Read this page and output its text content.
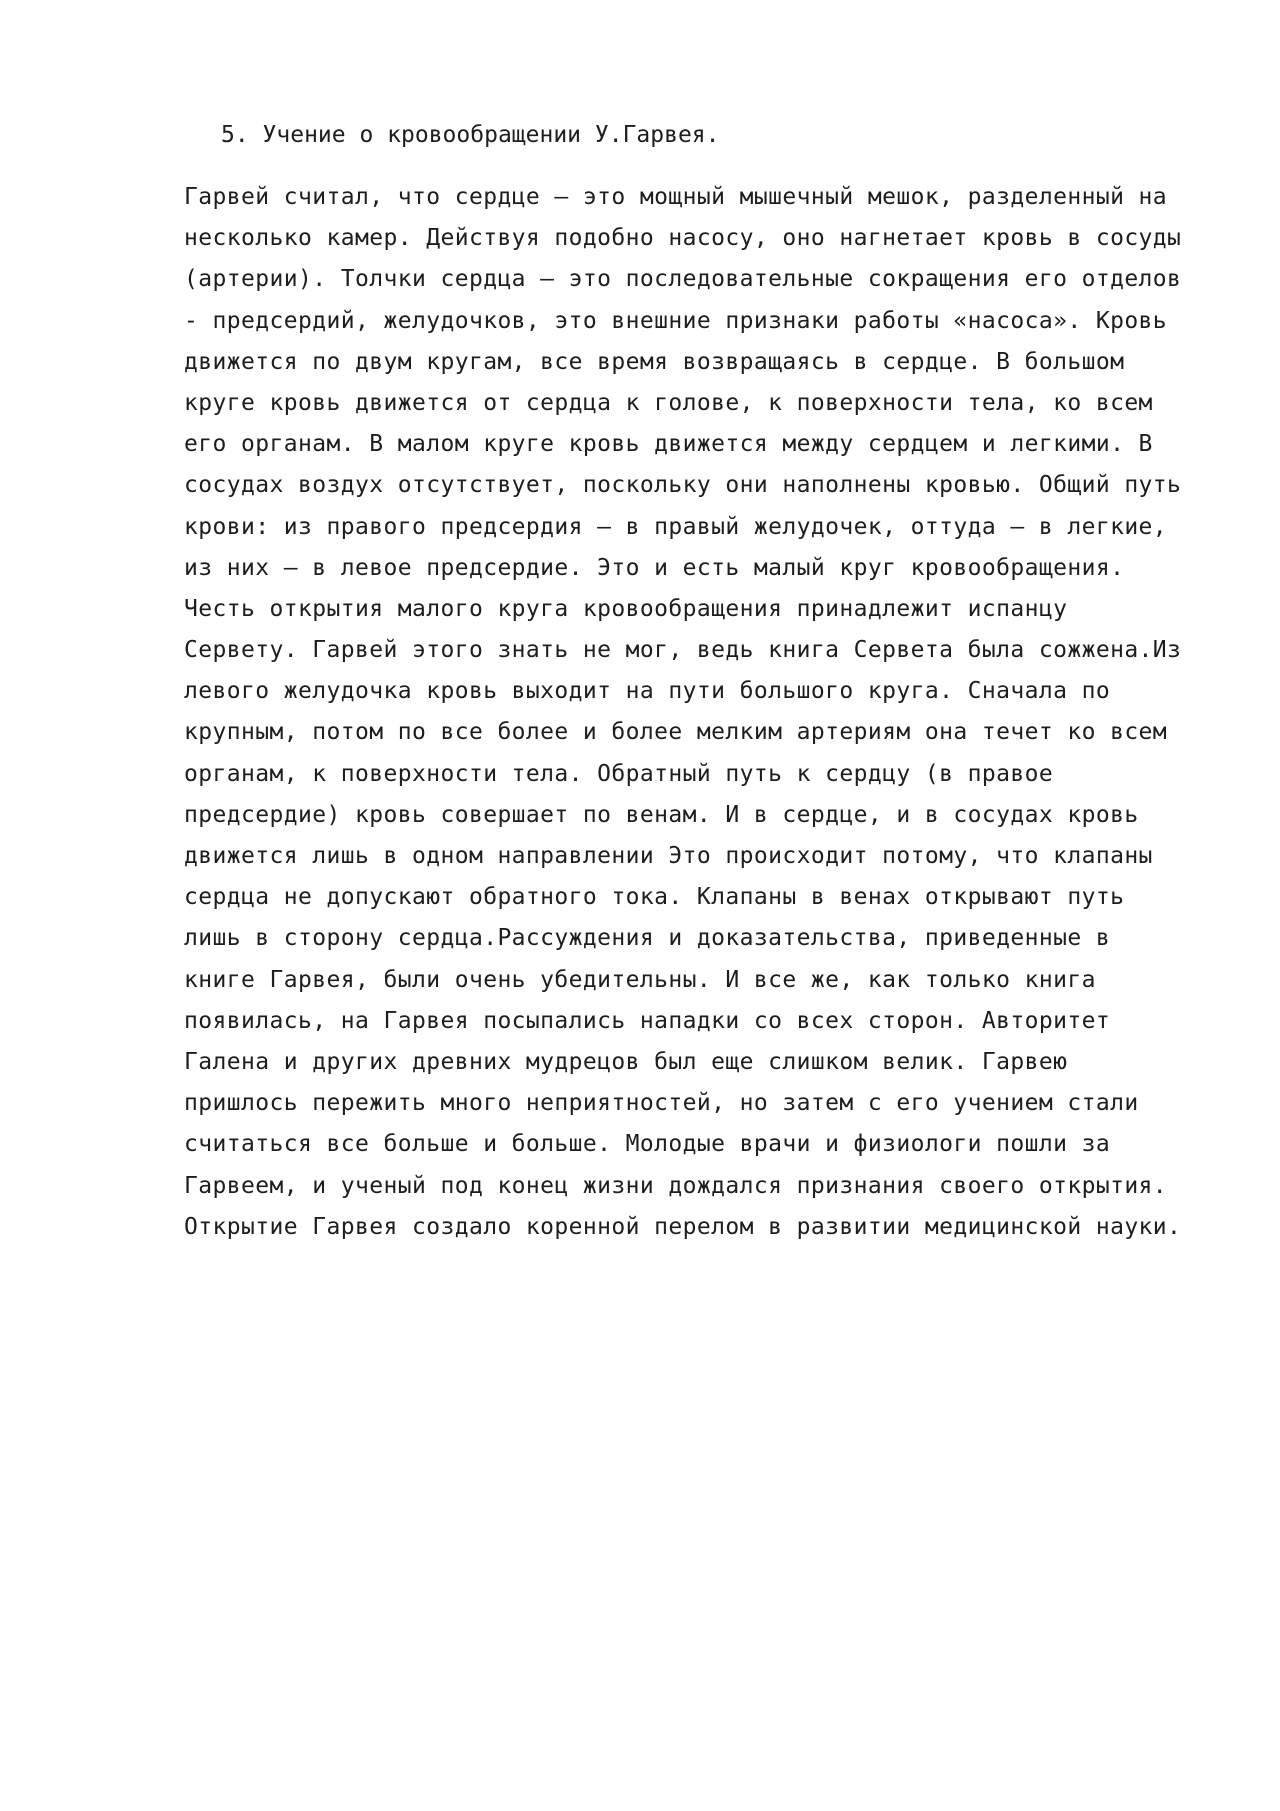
5. Учение о кровообращении У.Гарвея.
Гарвей считал, что сердце — это мощный мышечный мешок, разделенный на
несколько камер. Действуя подобно насосу, оно нагнетает кровь в сосуды
(артерии). Толчки сердца — это последовательные сокращения его отделов
- предсердий, желудочков, это внешние признаки работы «насоса». Кровь
движется по двум кругам, все время возвращаясь в сердце. В большом
круге кровь движется от сердца к голове, к поверхности тела, ко всем
его органам. В малом круге кровь движется между сердцем и легкими. В
сосудах воздух отсутствует, поскольку они наполнены кровью. Общий путь
крови: из правого предсердия — в правый желудочек, оттуда — в легкие,
из них — в левое предсердие. Это и есть малый круг кровообращения.
Честь открытия малого круга кровообращения принадлежит испанцу
Сервету. Гарвей этого знать не мог, ведь книга Сервета была сожжена.Из
левого желудочка кровь выходит на пути большого круга. Сначала по
крупным, потом по все более и более мелким артериям она течет ко всем
органам, к поверхности тела. Обратный путь к сердцу (в правое
предсердие) кровь совершает по венам. И в сердце, и в сосудах кровь
движется лишь в одном направлении Это происходит потому, что клапаны
сердца не допускают обратного тока. Клапаны в венах открывают путь
лишь в сторону сердца.Рассуждения и доказательства, приведенные в
книге Гарвея, были очень убедительны. И все же, как только книга
появилась, на Гарвея посыпались нападки со всех сторон. Авторитет
Галена и других древних мудрецов был еще слишком велик. Гарвею
пришлось пережить много неприятностей, но затем с его учением стали
считаться все больше и больше. Молодые врачи и физиологи пошли за
Гарвеем, и ученый под конец жизни дождался признания своего открытия.
Открытие Гарвея создало коренной перелом в развитии медицинской науки.
